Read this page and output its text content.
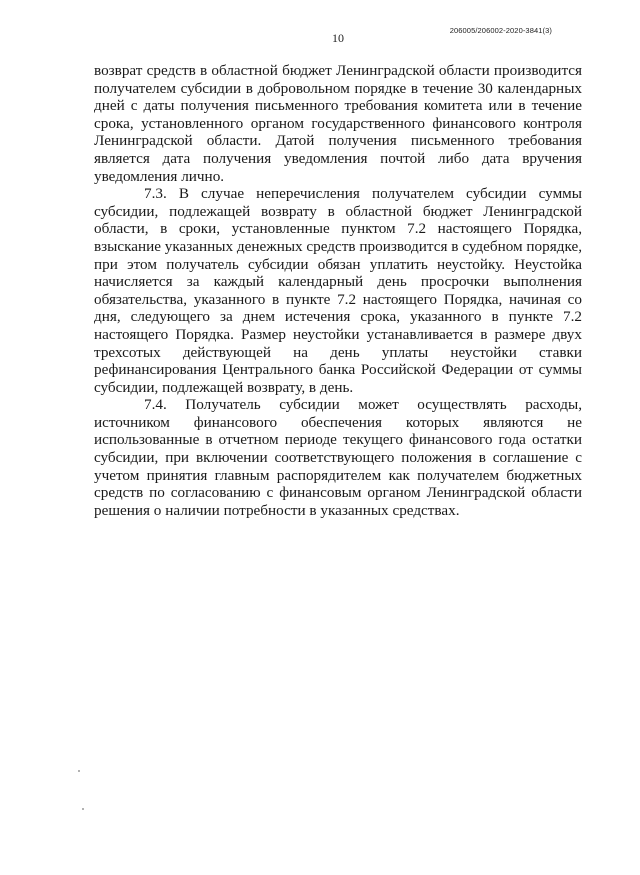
206005/206002-2020-3841(3)
10

возврат средств в областной бюджет Ленинградской области производится получателем субсидии в добровольном порядке в течение 30 календарных дней с даты получения письменного требования комитета или в течение срока, установленного органом государственного финансового контроля Ленинградской области. Датой получения письменного требования является дата получения уведомления почтой либо дата вручения уведомления лично.

7.3. В случае неперечисления получателем субсидии суммы субсидии, подлежащей возврату в областной бюджет Ленинградской области, в сроки, установленные пунктом 7.2 настоящего Порядка, взыскание указанных денежных средств производится в судебном порядке, при этом получатель субсидии обязан уплатить неустойку. Неустойка начисляется за каждый календарный день просрочки выполнения обязательства, указанного в пункте 7.2 настоящего Порядка, начиная со дня, следующего за днем истечения срока, указанного в пункте 7.2 настоящего Порядка. Размер неустойки устанавливается в размере двух трехсотых действующей на день уплаты неустойки ставки рефинансирования Центрального банка Российской Федерации от суммы субсидии, подлежащей возврату, в день.

7.4. Получатель субсидии может осуществлять расходы, источником финансового обеспечения которых являются не использованные в отчетном периоде текущего финансового года остатки субсидии, при включении соответствующего положения в соглашение с учетом принятия главным распорядителем как получателем бюджетных средств по согласованию с финансовым органом Ленинградской области решения о наличии потребности в указанных средствах.
